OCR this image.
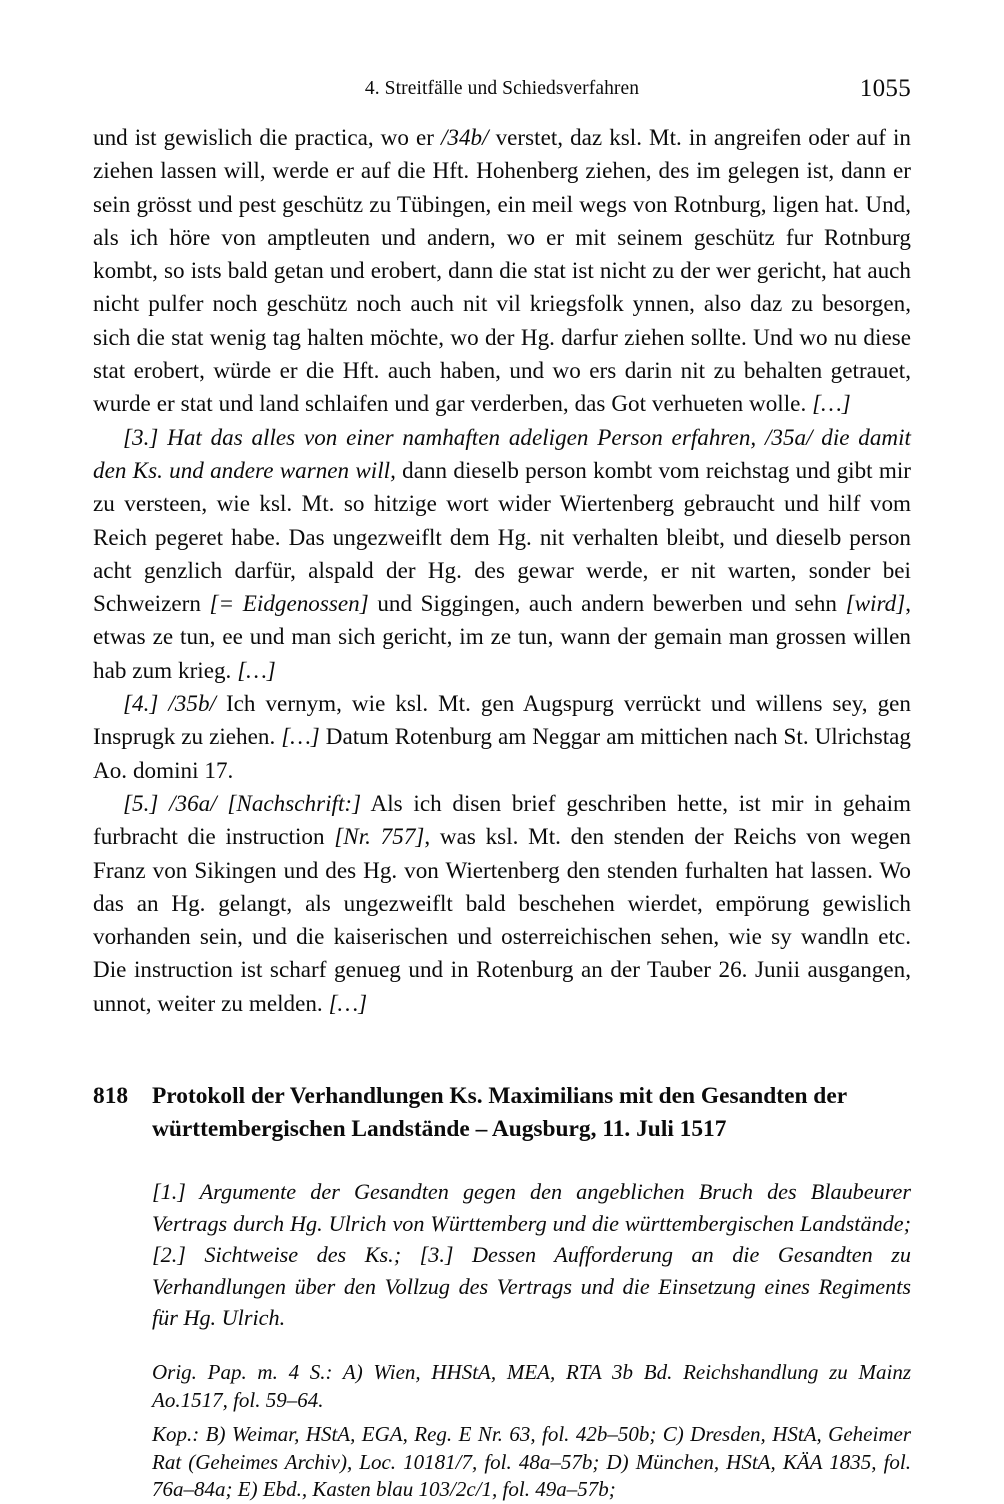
4. Streitfälle und Schiedsverfahren	1055

und ist gewislich die practica, wo er /34b/ verstet, daz ksl. Mt. in angreifen oder auf in ziehen lassen will, werde er auf die Hft. Hohenberg ziehen, des im gelegen ist, dann er sein grösst und pest geschütz zu Tübingen, ein meil wegs von Rotnburg, ligen hat. Und, als ich höre von amptleuten und andern, wo er mit seinem geschütz fur Rotnburg kombt, so ists bald getan und erobert, dann die stat ist nicht zu der wer gericht, hat auch nicht pulfer noch geschütz noch auch nit vil kriegsfolk ynnen, also daz zu besorgen, sich die stat wenig tag halten möchte, wo der Hg. darfur ziehen sollte. Und wo nu diese stat erobert, würde er die Hft. auch haben, und wo ers darin nit zu behalten getrauet, wurde er stat und land schlaifen und gar verderben, das Got verhueten wolle. […]

[3.] Hat das alles von einer namhaften adeligen Person erfahren, /35a/ die damit den Ks. und andere warnen will, dann dieselb person kombt vom reichstag und gibt mir zu versteen, wie ksl. Mt. so hitzige wort wider Wiertenberg gebraucht und hilf vom Reich pegeret habe. Das ungezweiflt dem Hg. nit verhalten bleibt, und dieselb person acht genzlich darfür, alspald der Hg. des gewar werde, er nit warten, sonder bei Schweizern [= Eidgenossen] und Siggingen, auch andern bewerben und sehn [wird], etwas ze tun, ee und man sich gericht, im ze tun, wann der gemain man grossen willen hab zum krieg. […]

[4.] /35b/ Ich vernym, wie ksl. Mt. gen Augspurg verrückt und willens sey, gen Insprugk zu ziehen. […] Datum Rotenburg am Neggar am mittichen nach St. Ulrichstag Ao. domini 17.

[5.] /36a/ [Nachschrift:] Als ich disen brief geschriben hette, ist mir in gehaim furbracht die instruction [Nr. 757], was ksl. Mt. den stenden der Reichs von wegen Franz von Sikingen und des Hg. von Wiertenberg den stenden furhalten hat lassen. Wo das an Hg. gelangt, als ungezweiflt bald beschehen wierdet, empörung gewislich vorhanden sein, und die kaiserischen und osterreichischen sehen, wie sy wandln etc. Die instruction ist scharf genueg und in Rotenburg an der Tauber 26. Junii ausgangen, unnot, weiter zu melden. […]

818	Protokoll der Verhandlungen Ks. Maximilians mit den Gesandten der württembergischen Landstände – Augsburg, 11. Juli 1517

[1.] Argumente der Gesandten gegen den angeblichen Bruch des Blaubeurer Vertrags durch Hg. Ulrich von Württemberg und die württembergischen Landstände; [2.] Sichtweise des Ks.; [3.] Dessen Aufforderung an die Gesandten zu Verhandlungen über den Vollzug des Vertrags und die Einsetzung eines Regiments für Hg. Ulrich.

Orig. Pap. m. 4 S.: A) Wien, HHStA, MEA, RTA 3b Bd. Reichshandlung zu Mainz Ao.1517, fol. 59–64.

Kop.: B) Weimar, HStA, EGA, Reg. E Nr. 63, fol. 42b–50b; C) Dresden, HStA, Geheimer Rat (Geheimes Archiv), Loc. 10181/7, fol. 48a–57b; D) München, HStA, KÄA 1835, fol. 76a–84a; E) Ebd., Kasten blau 103/2c/1, fol. 49a–57b;
